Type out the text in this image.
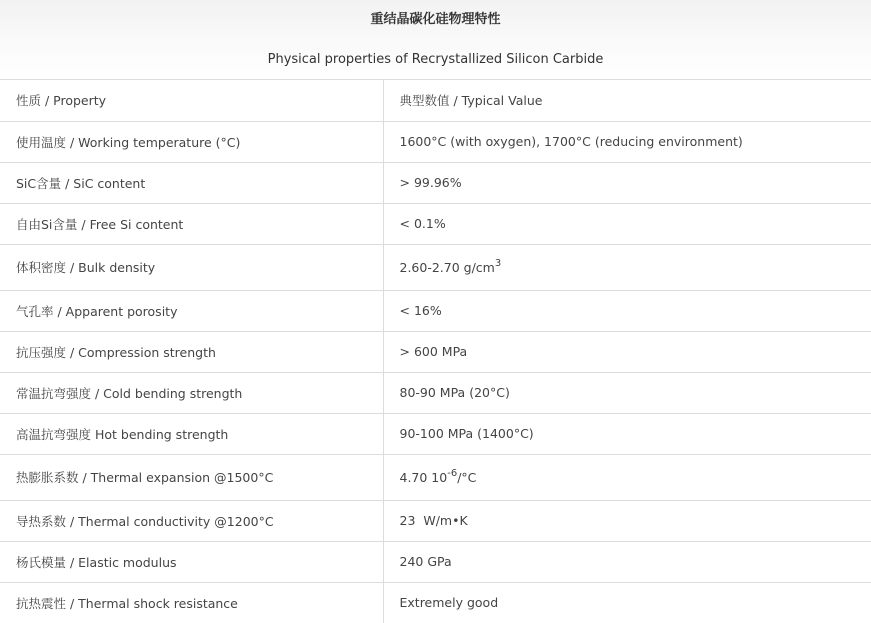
重结晶碳化硅物理特性
Physical properties of Recrystallized Silicon Carbide
性质 / Property	典型数值 / Typical Value
使用温度 / Working temperature (°C)	1600°C (with oxygen), 1700°C (reducing environment)
SiC含量 / SiC content	> 99.96%
自由Si含量 / Free Si content	< 0.1%
体积密度 / Bulk density	2.60-2.70 $g/cm^3$
气孔率 / Apparent porosity	< 16%
抗压强度 / Compression strength	> 600 MPa
常温抗弯强度 / Cold bending strength	80-90 MPa (20°C)
高温抗弯强度 Hot bending strength	90-100 MPa (1400°C)
热膨胀系数 / Thermal expansion @1500°C	4.70 $10^{-6}/^\circ C$
导热系数 / Thermal conductivity @1200°C	23  W/m•K
杨氏模量 / Elastic modulus	240 GPa
抗热震性 / Thermal shock resistance	Extremely good
